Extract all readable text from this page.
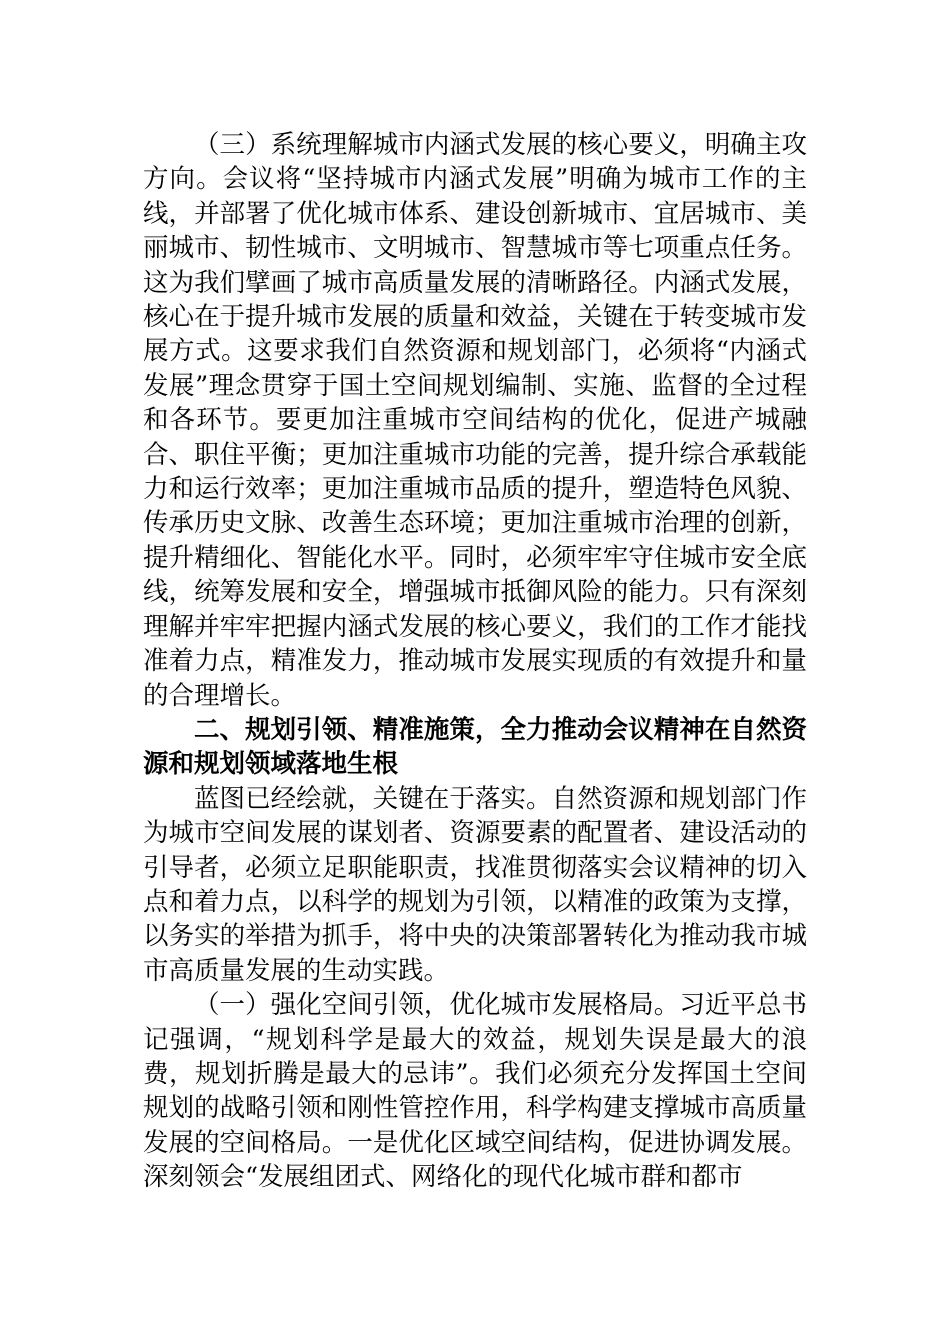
（三）系统理解城市内涵式发展的核心要义，明确主攻方向。会议将“坚持城市内涵式发展”明确为城市工作的主线，并部署了优化城市体系、建设创新城市、宜居城市、美丽城市、韧性城市、文明城市、智慧城市等七项重点任务。这为我们擘画了城市高质量发展的清晰路径。内涵式发展，核心在于提升城市发展的质量和效益，关键在于转变城市发展方式。这要求我们自然资源和规划部门，必须将“内涵式发展”理念贯穿于国土空间规划编制、实施、监督的全过程和各环节。要更加注重城市空间结构的优化，促进产城融合、职住平衡；更加注重城市功能的完善，提升综合承载能力和运行效率；更加注重城市品质的提升，塑造特色风貌、传承历史文脉、改善生态环境；更加注重城市治理的创新，提升精细化、智能化水平。同时，必须牢牢守住城市安全底线，统筹发展和安全，增强城市抵御风险的能力。只有深刻理解并牢牢把握内涵式发展的核心要义，我们的工作才能找准着力点，精准发力，推动城市发展实现质的有效提升和量的合理增长。

二、规划引领、精准施策，全力推动会议精神在自然资源和规划领域落地生根

蓝图已经绘就，关键在于落实。自然资源和规划部门作为城市空间发展的谋划者、资源要素的配置者、建设活动的引导者，必须立足职能职责，找准贯彻落实会议精神的切入点和着力点，以科学的规划为引领，以精准的政策为支撑，以务实的举措为抓手，将中央的决策部署转化为推动我市城市高质量发展的生动实践。

（一）强化空间引领，优化城市发展格局。习近平总书记强调，“规划科学是最大的效益，规划失误是最大的浪费，规划折腾是最大的忌讳”。我们必须充分发挥国土空间规划的战略引领和刚性管控作用，科学构建支撑城市高质量发展的空间格局。一是优化区域空间结构，促进协调发展。深刻领会“发展组团式、网络化的现代化城市群和都市
